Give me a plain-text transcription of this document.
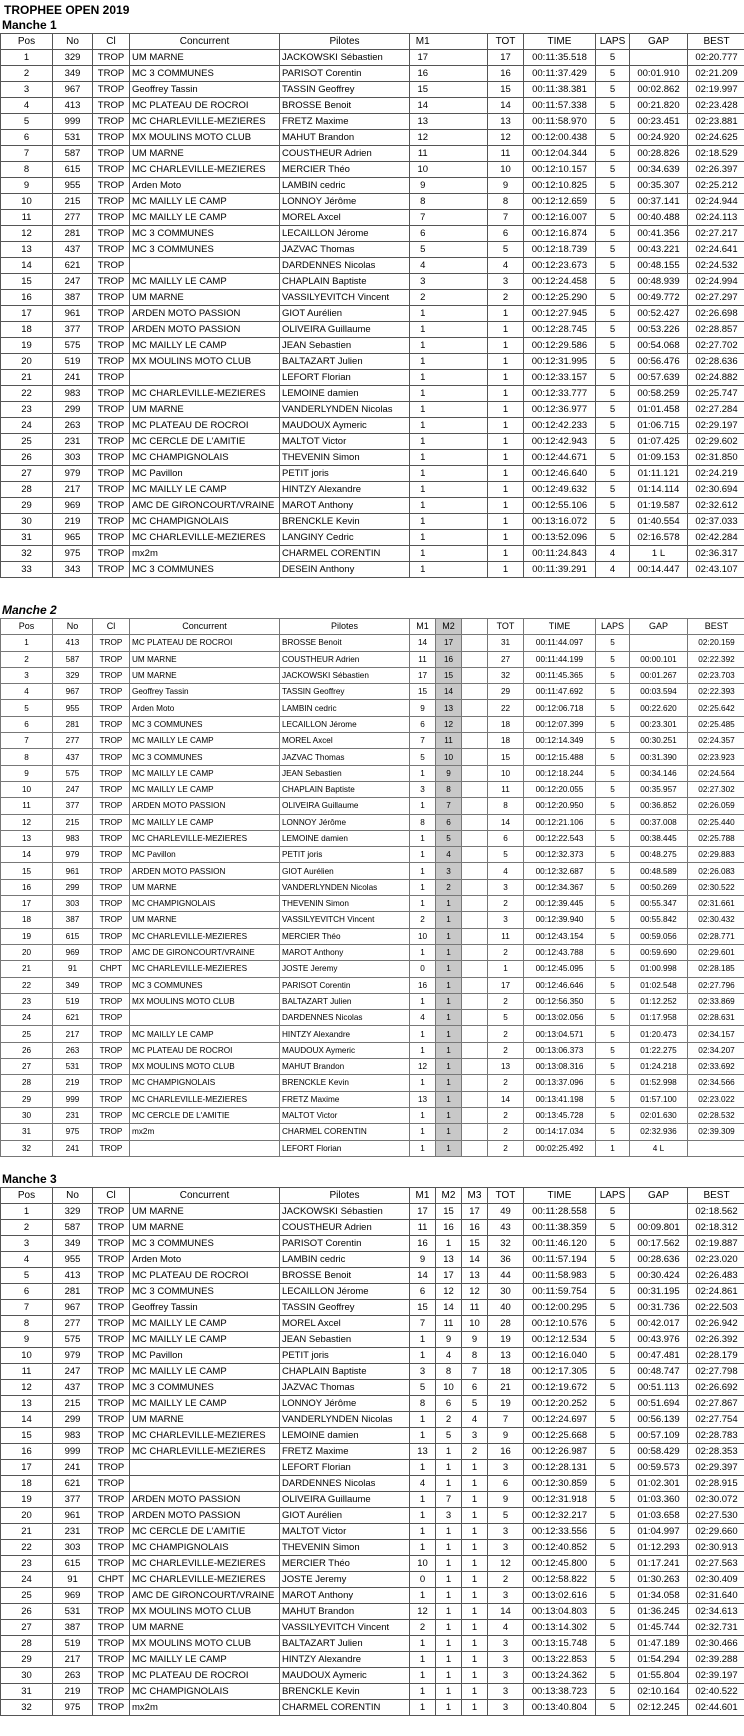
TROPHEE OPEN 2019
Manche 1
Pos	No	Cl	Concurrent	Pilotes	M1			TOT	TIME	LAPS	GAP	BEST
1	329	TROP	UM MARNE	JACKOWSKI Sébastien	17			17	00:11:35.518	5		02:20.777
2	349	TROP	MC 3 COMMUNES	PARISOT Corentin	16			16	00:11:37.429	5	00:01.910	02:21.209
3	967	TROP	Geoffrey Tassin	TASSIN Geoffrey	15			15	00:11:38.381	5	00:02.862	02:19.997
4	413	TROP	MC PLATEAU DE ROCROI	BROSSE Benoit	14			14	00:11:57.338	5	00:21.820	02:23.428
5	999	TROP	MC CHARLEVILLE-MEZIERES	FRETZ Maxime	13			13	00:11:58.970	5	00:23.451	02:23.881
6	531	TROP	MX MOULINS MOTO CLUB	MAHUT Brandon	12			12	00:12:00.438	5	00:24.920	02:24.625
7	587	TROP	UM MARNE	COUSTHEUR Adrien	11			11	00:12:04.344	5	00:28.826	02:18.529
8	615	TROP	MC CHARLEVILLE-MEZIERES	MERCIER Théo	10			10	00:12:10.157	5	00:34.639	02:26.397
9	955	TROP	Arden Moto	LAMBIN cedric	9			9	00:12:10.825	5	00:35.307	02:25.212
10	215	TROP	MC MAILLY LE CAMP	LONNOY Jérôme	8			8	00:12:12.659	5	00:37.141	02:24.944
11	277	TROP	MC MAILLY LE CAMP	MOREL Axcel	7			7	00:12:16.007	5	00:40.488	02:24.113
12	281	TROP	MC 3 COMMUNES	LECAILLON Jérome	6			6	00:12:16.874	5	00:41.356	02:27.217
13	437	TROP	MC 3 COMMUNES	JAZVAC Thomas	5			5	00:12:18.739	5	00:43.221	02:24.641
14	621	TROP		DARDENNES Nicolas	4			4	00:12:23.673	5	00:48.155	02:24.532
15	247	TROP	MC MAILLY LE CAMP	CHAPLAIN Baptiste	3			3	00:12:24.458	5	00:48.939	02:24.994
16	387	TROP	UM MARNE	VASSILYEVITCH Vincent	2			2	00:12:25.290	5	00:49.772	02:27.297
17	961	TROP	ARDEN MOTO PASSION	GIOT Aurélien	1			1	00:12:27.945	5	00:52.427	02:26.698
18	377	TROP	ARDEN MOTO PASSION	OLIVEIRA Guillaume	1			1	00:12:28.745	5	00:53.226	02:28.857
19	575	TROP	MC MAILLY LE CAMP	JEAN Sebastien	1			1	00:12:29.586	5	00:54.068	02:27.702
20	519	TROP	MX MOULINS MOTO CLUB	BALTAZART Julien	1			1	00:12:31.995	5	00:56.476	02:28.636
21	241	TROP		LEFORT Florian	1			1	00:12:33.157	5	00:57.639	02:24.882
22	983	TROP	MC CHARLEVILLE-MEZIERES	LEMOINE damien	1			1	00:12:33.777	5	00:58.259	02:25.747
23	299	TROP	UM MARNE	VANDERLYNDEN Nicolas	1			1	00:12:36.977	5	01:01.458	02:27.284
24	263	TROP	MC PLATEAU DE ROCROI	MAUDOUX Aymeric	1			1	00:12:42.233	5	01:06.715	02:29.197
25	231	TROP	MC CERCLE DE L'AMITIE	MALTOT Victor	1			1	00:12:42.943	5	01:07.425	02:29.602
26	303	TROP	MC CHAMPIGNOLAIS	THEVENIN Simon	1			1	00:12:44.671	5	01:09.153	02:31.850
27	979	TROP	MC Pavillon	PETIT joris	1			1	00:12:46.640	5	01:11.121	02:24.219
28	217	TROP	MC MAILLY LE CAMP	HINTZY Alexandre	1			1	00:12:49.632	5	01:14.114	02:30.694
29	969	TROP	AMC DE GIRONCOURT/VRAINE	MAROT Anthony	1			1	00:12:55.106	5	01:19.587	02:32.612
30	219	TROP	MC CHAMPIGNOLAIS	BRENCKLE Kevin	1			1	00:13:16.072	5	01:40.554	02:37.033
31	965	TROP	MC CHARLEVILLE-MEZIERES	LANGINY Cedric	1			1	00:13:52.096	5	02:16.578	02:42.284
32	975	TROP	mx2m	CHARMEL CORENTIN	1			1	00:11:24.843	4	1 L	02:36.317
33	343	TROP	MC 3 COMMUNES	DESEIN Anthony	1			1	00:11:39.291	4	00:14.447	02:43.107
Manche 2
Pos	No	Cl	Concurrent	Pilotes	M1	M2		TOT	TIME	LAPS	GAP	BEST
1	413	TROP	MC PLATEAU DE ROCROI	BROSSE Benoit	14	17		31	00:11:44.097	5		02:20.159
2	587	TROP	UM MARNE	COUSTHEUR Adrien	11	16		27	00:11:44.199	5	00:00.101	02:22.392
3	329	TROP	UM MARNE	JACKOWSKI Sébastien	17	15		32	00:11:45.365	5	00:01.267	02:23.703
4	967	TROP	Geoffrey Tassin	TASSIN Geoffrey	15	14		29	00:11:47.692	5	00:03.594	02:22.393
5	955	TROP	Arden Moto	LAMBIN cedric	9	13		22	00:12:06.718	5	00:22.620	02:25.642
6	281	TROP	MC 3 COMMUNES	LECAILLON Jérome	6	12		18	00:12:07.399	5	00:23.301	02:25.485
7	277	TROP	MC MAILLY LE CAMP	MOREL Axcel	7	11		18	00:12:14.349	5	00:30.251	02:24.357
8	437	TROP	MC 3 COMMUNES	JAZVAC Thomas	5	10		15	00:12:15.488	5	00:31.390	02:23.923
9	575	TROP	MC MAILLY LE CAMP	JEAN Sebastien	1	9		10	00:12:18.244	5	00:34.146	02:24.564
10	247	TROP	MC MAILLY LE CAMP	CHAPLAIN Baptiste	3	8		11	00:12:20.055	5	00:35.957	02:27.302
11	377	TROP	ARDEN MOTO PASSION	OLIVEIRA Guillaume	1	7		8	00:12:20.950	5	00:36.852	02:26.059
12	215	TROP	MC MAILLY LE CAMP	LONNOY Jérôme	8	6		14	00:12:21.106	5	00:37.008	02:25.440
13	983	TROP	MC CHARLEVILLE-MEZIERES	LEMOINE damien	1	5		6	00:12:22.543	5	00:38.445	02:25.788
14	979	TROP	MC Pavillon	PETIT joris	1	4		5	00:12:32.373	5	00:48.275	02:29.883
15	961	TROP	ARDEN MOTO PASSION	GIOT Aurélien	1	3		4	00:12:32.687	5	00:48.589	02:26.083
16	299	TROP	UM MARNE	VANDERLYNDEN Nicolas	1	2		3	00:12:34.367	5	00:50.269	02:30.522
17	303	TROP	MC CHAMPIGNOLAIS	THEVENIN Simon	1	1		2	00:12:39.445	5	00:55.347	02:31.661
18	387	TROP	UM MARNE	VASSILYEVITCH Vincent	2	1		3	00:12:39.940	5	00:55.842	02:30.432
19	615	TROP	MC CHARLEVILLE-MEZIERES	MERCIER Théo	10	1		11	00:12:43.154	5	00:59.056	02:28.771
20	969	TROP	AMC DE GIRONCOURT/VRAINE	MAROT Anthony	1	1		2	00:12:43.788	5	00:59.690	02:29.601
21	91	CHPT	MC CHARLEVILLE-MEZIERES	JOSTE Jeremy	0	1		1	00:12:45.095	5	01:00.998	02:28.185
22	349	TROP	MC 3 COMMUNES	PARISOT Corentin	16	1		17	00:12:46.646	5	01:02.548	02:27.796
23	519	TROP	MX MOULINS MOTO CLUB	BALTAZART Julien	1	1		2	00:12:56.350	5	01:12.252	02:33.869
24	621	TROP		DARDENNES Nicolas	4	1		5	00:13:02.056	5	01:17.958	02:28.631
25	217	TROP	MC MAILLY LE CAMP	HINTZY Alexandre	1	1		2	00:13:04.571	5	01:20.473	02:34.157
26	263	TROP	MC PLATEAU DE ROCROI	MAUDOUX Aymeric	1	1		2	00:13:06.373	5	01:22.275	02:34.207
27	531	TROP	MX MOULINS MOTO CLUB	MAHUT Brandon	12	1		13	00:13:08.316	5	01:24.218	02:33.692
28	219	TROP	MC CHAMPIGNOLAIS	BRENCKLE Kevin	1	1		2	00:13:37.096	5	01:52.998	02:34.566
29	999	TROP	MC CHARLEVILLE-MEZIERES	FRETZ Maxime	13	1		14	00:13:41.198	5	01:57.100	02:23.022
30	231	TROP	MC CERCLE DE L'AMITIE	MALTOT Victor	1	1		2	00:13:45.728	5	02:01.630	02:28.532
31	975	TROP	mx2m	CHARMEL CORENTIN	1	1		2	00:14:17.034	5	02:32.936	02:39.309
32	241	TROP		LEFORT Florian	1	1		2	00:02:25.492	1	4 L	
Manche 3
Pos	No	Cl	Concurrent	Pilotes	M1	M2	M3	TOT	TIME	LAPS	GAP	BEST
1	329	TROP	UM MARNE	JACKOWSKI Sébastien	17	15	17	49	00:11:28.558	5		02:18.562
2	587	TROP	UM MARNE	COUSTHEUR Adrien	11	16	16	43	00:11:38.359	5	00:09.801	02:18.312
3	349	TROP	MC 3 COMMUNES	PARISOT Corentin	16	1	15	32	00:11:46.120	5	00:17.562	02:19.887
4	955	TROP	Arden Moto	LAMBIN cedric	9	13	14	36	00:11:57.194	5	00:28.636	02:23.020
5	413	TROP	MC PLATEAU DE ROCROI	BROSSE Benoit	14	17	13	44	00:11:58.983	5	00:30.424	02:26.483
6	281	TROP	MC 3 COMMUNES	LECAILLON Jérome	6	12	12	30	00:11:59.754	5	00:31.195	02:24.861
7	967	TROP	Geoffrey Tassin	TASSIN Geoffrey	15	14	11	40	00:12:00.295	5	00:31.736	02:22.503
8	277	TROP	MC MAILLY LE CAMP	MOREL Axcel	7	11	10	28	00:12:10.576	5	00:42.017	02:26.942
9	575	TROP	MC MAILLY LE CAMP	JEAN Sebastien	1	9	9	19	00:12:12.534	5	00:43.976	02:26.392
10	979	TROP	MC Pavillon	PETIT joris	1	4	8	13	00:12:16.040	5	00:47.481	02:28.179
11	247	TROP	MC MAILLY LE CAMP	CHAPLAIN Baptiste	3	8	7	18	00:12:17.305	5	00:48.747	02:27.798
12	437	TROP	MC 3 COMMUNES	JAZVAC Thomas	5	10	6	21	00:12:19.672	5	00:51.113	02:26.692
13	215	TROP	MC MAILLY LE CAMP	LONNOY Jérôme	8	6	5	19	00:12:20.252	5	00:51.694	02:27.867
14	299	TROP	UM MARNE	VANDERLYNDEN Nicolas	1	2	4	7	00:12:24.697	5	00:56.139	02:27.754
15	983	TROP	MC CHARLEVILLE-MEZIERES	LEMOINE damien	1	5	3	9	00:12:25.668	5	00:57.109	02:28.783
16	999	TROP	MC CHARLEVILLE-MEZIERES	FRETZ Maxime	13	1	2	16	00:12:26.987	5	00:58.429	02:28.353
17	241	TROP		LEFORT Florian	1	1	1	3	00:12:28.131	5	00:59.573	02:29.397
18	621	TROP		DARDENNES Nicolas	4	1	1	6	00:12:30.859	5	01:02.301	02:28.915
19	377	TROP	ARDEN MOTO PASSION	OLIVEIRA Guillaume	1	7	1	9	00:12:31.918	5	01:03.360	02:30.072
20	961	TROP	ARDEN MOTO PASSION	GIOT Aurélien	1	3	1	5	00:12:32.217	5	01:03.658	02:27.530
21	231	TROP	MC CERCLE DE L'AMITIE	MALTOT Victor	1	1	1	3	00:12:33.556	5	01:04.997	02:29.660
22	303	TROP	MC CHAMPIGNOLAIS	THEVENIN Simon	1	1	1	3	00:12:40.852	5	01:12.293	02:30.913
23	615	TROP	MC CHARLEVILLE-MEZIERES	MERCIER Théo	10	1	1	12	00:12:45.800	5	01:17.241	02:27.563
24	91	CHPT	MC CHARLEVILLE-MEZIERES	JOSTE Jeremy	0	1	1	2	00:12:58.822	5	01:30.263	02:30.409
25	969	TROP	AMC DE GIRONCOURT/VRAINE	MAROT Anthony	1	1	1	3	00:13:02.616	5	01:34.058	02:31.640
26	531	TROP	MX MOULINS MOTO CLUB	MAHUT Brandon	12	1	1	14	00:13:04.803	5	01:36.245	02:34.613
27	387	TROP	UM MARNE	VASSILYEVITCH Vincent	2	1	1	4	00:13:14.302	5	01:45.744	02:32.731
28	519	TROP	MX MOULINS MOTO CLUB	BALTAZART Julien	1	1	1	3	00:13:15.748	5	01:47.189	02:30.466
29	217	TROP	MC MAILLY LE CAMP	HINTZY Alexandre	1	1	1	3	00:13:22.853	5	01:54.294	02:39.288
30	263	TROP	MC PLATEAU DE ROCROI	MAUDOUX Aymeric	1	1	1	3	00:13:24.362	5	01:55.804	02:39.197
31	219	TROP	MC CHAMPIGNOLAIS	BRENCKLE Kevin	1	1	1	3	00:13:38.723	5	02:10.164	02:40.522
32	975	TROP	mx2m	CHARMEL CORENTIN	1	1	1	3	00:13:40.804	5	02:12.245	02:44.601
